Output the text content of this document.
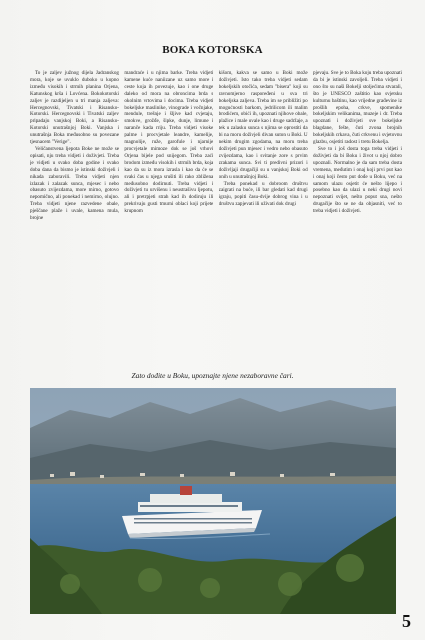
BOKA KOTORSKA

To je zaljev južnog dijela Jadranskog mora, koje se uvuklo duboko u kopno između visokih i strmih planina Orjena, Katunskog krša i Lovćena. Bokokotorski zaljev je razdijeljen u tri manja zaljeva: Hercegnovski, Tivatski i Risansko-Kotorski. Hercegnovski i Tivatski zaljev pripadaju vanjskoj Boki, a Risansko-Kotorski unutrašnjoj Boki. Vanjska i unutrašnja Boka međusobno su povezane tjesnacem "Verige".

Veličanstvena ljepota Boke ne može se opisati, nju treba vidjeti i doživjeti. Treba je vidjeti u svako doba godine i svako doba dana da bismo je istinski doživjeli i nikada zaboravili. Treba vidjeti njen izlazak i zalazak sunca, mjesec i nebo obasuto zvijezdama, more mirno, gotovo nepomično, ali ponekad i nemirno, olujno. Treba vidjeti njene razvedene obale, pješčane plaže i uvale, kamena mula, brojne

mandraće i u njima barke. Treba vidjeti kamene kuće naniizane uz samo more i ceste koja ih povezuje, kao i one druge daleko od mora na obroncima brda s okolnim vrtovima i docima. Treba vidjeti bokeljske maslinike, vinograde i vočnjake, mendule, trešnje i šljive kad cvjetaju, smokve, grožđe, šipke, dunje, limune i naranče kada rriju. Treba vidjeti visoke palme i procvjetale leandre, kamelije, magnolije, ruže, garofule i njarnije procvjetale mimoze dok se još vrhovi Orjena bijele pod snijegom. Treba zaći brodom između visokih i strmih brda, koja kao da su iz mora izrasla i kao da će se svaki čas u njega srušiti ili rako zbliženа međusobno dodirnuti. Treba vidjeti i doživjeti tu urvišenu i neustrašivu ljepotu, ali i pretrpjeti strah kad ih dodiruju ili prekrivaju gusti tmurni oblaci koji prijete krupnom

kišom, kakva se samo u Boki može doživjeti. Isto tako treba vidjeti sedam bokeljskih otočića, sedam "bisera" koji su ravnomjerno raspoređeni u sva tri bokeljska zaljeva. Treba im se približiti po mogućnosti barkom, jedrilicom ili malim brodićem, obići ih, upoznati njihove obale, plažice i male uvale kao i druge sadržaje, a tek u zalasku sunca s njima se oprostiti da bi na moru doživjeli divan suton u Boki. U nekim drugim zgodama, na moru treba doživjeti pun mjesec i vedro nebo obasuto zvijezdama, kao i svitanje zore s prvim zrakama sunca. Svi ti predivni prizori i doživljaji drugačiji su u vanjskoj Boki od onih u unutrašnjoj Boki.

Treba ponekad u dobroom društvu zaigrati na buće, ili bar gledati kad drugi igraju, popiti času-dvije dobrog vina i u društvu zapjevati ili uživati dok drugi

pjevaju. Sve je to Boka koju treba upoznati da bi je istinski zavoljeli. Treba vidjeti i ono što su naši Bokelji stoljećima stvarali, što je UNESCO zaštitio kao svjetsku kulturnu baštinu, kao vrijedne građevine iz prošlih epoha, crkve, spomenike bokeljskim velikanima, muzeje i dr. Treba upoznati i doživjeti sve bokeljske blagdane, fešte, čuti zvona brojnih bokeljskih crkava, čuti crkvenu i svjetovnu glazbu, osjetiti radost i tretu Bokelja.

Sve to i još dosta toga treba vidjeti i doživjeti da bi Boku i život u njoj dobro upoznali. Normalno je da sam treba dosta vremena, međutim i onaj koji prvi put kao i onaj koji često put dođe u Boku, već na samom ulazu osjetit će nešto lijepo i posebno kao da ulazi u neki drugi novi nepoznati svijet, nešto poput sna, nešto drugačije što se ne da objasniti, već to treba vidjeti i doživjeti.

Zato dođite u Boku, upoznajte njene nezaboravne čari.
5
